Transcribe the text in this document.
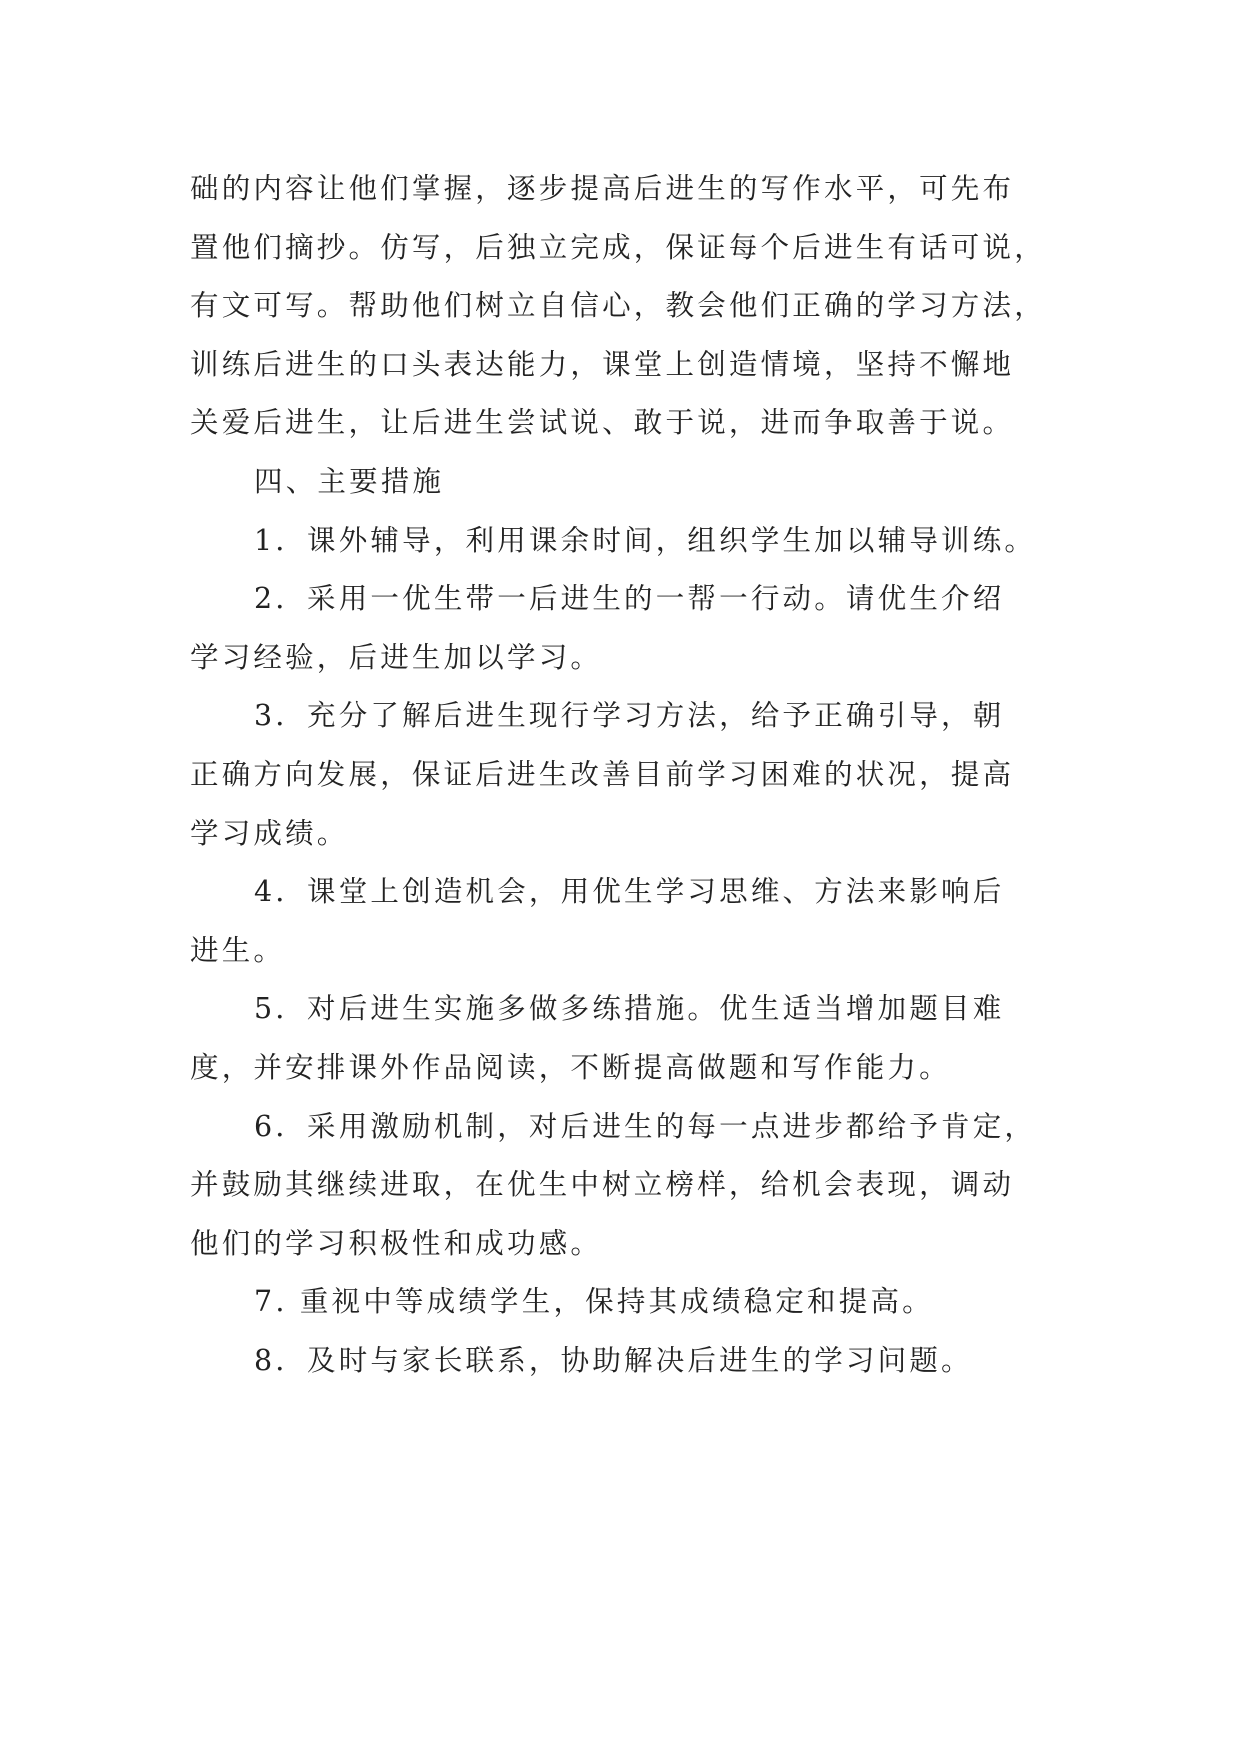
础的内容让他们掌握，逐步提高后进生的写作水平，可先布
置他们摘抄。仿写，后独立完成，保证每个后进生有话可说，
有文可写。帮助他们树立自信心，教会他们正确的学习方法，
训练后进生的口头表达能力，课堂上创造情境，坚持不懈地
关爱后进生，让后进生尝试说、敢于说，进而争取善于说。
四、主要措施
1．课外辅导，利用课余时间，组织学生加以辅导训练。
2．采用一优生带一后进生的一帮一行动。请优生介绍
学习经验，后进生加以学习。
3．充分了解后进生现行学习方法，给予正确引导，朝
正确方向发展，保证后进生改善目前学习困难的状况，提高
学习成绩。
4．课堂上创造机会，用优生学习思维、方法来影响后
进生。
5．对后进生实施多做多练措施。优生适当增加题目难
度，并安排课外作品阅读，不断提高做题和写作能力。
6．采用激励机制，对后进生的每一点进步都给予肯定，
并鼓励其继续进取，在优生中树立榜样，给机会表现，调动
他们的学习积极性和成功感。
7. 重视中等成绩学生，保持其成绩稳定和提高。
8．及时与家长联系，协助解决后进生的学习问题。
